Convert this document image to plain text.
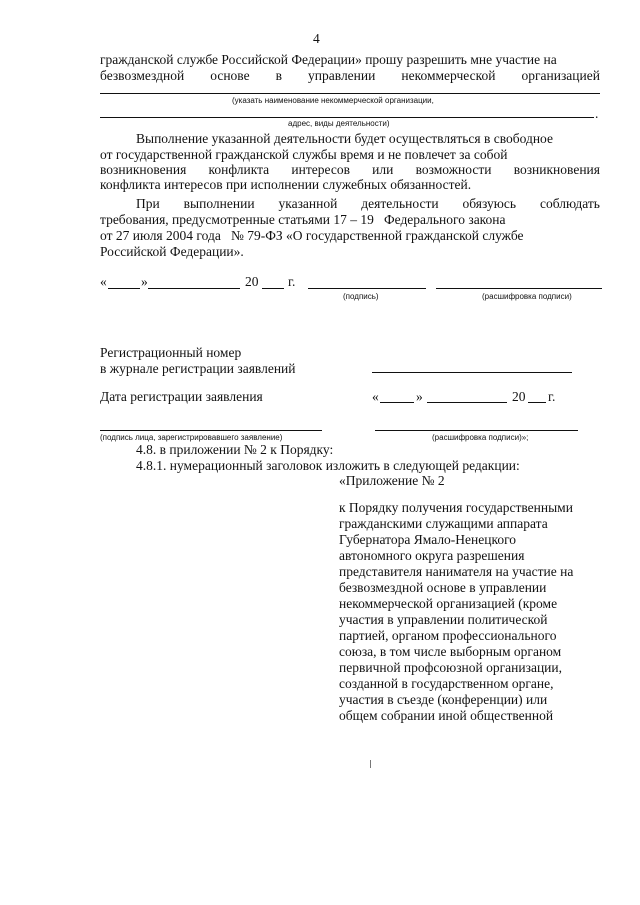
4
гражданской службе Российской Федерации» прошу разрешить мне участие на
безвозмездной основе в управлении некоммерческой организацией
(указать наименование некоммерческой организации,
.
адрес, виды деятельности)
Выполнение указанной деятельности будет осуществляться в свободное
от государственной гражданской службы время и не повлечет за собой
возникновения конфликта интересов или возможности возникновения
конфликта интересов при исполнении служебных обязанностей.
При выполнении указанной деятельности обязуюсь соблюдать
требования, предусмотренные статьями 17 – 19   Федерального закона
от 27 июля 2004 года   № 79-ФЗ «О государственной гражданской службе
Российской Федерации».
«	»	20 г.
(подпись)	(расшифровка подписи)
Регистрационный номер
в журнале регистрации заявлений
Дата регистрации заявления	«	»	20 г.
(подпись лица, зарегистрировавшего заявление)	(расшифровка подписи)»;
4.8. в приложении № 2 к Порядку:
4.8.1. нумерационный заголовок изложить в следующей редакции:
«Приложение № 2
к Порядку получения государственными
гражданскими служащими аппарата
Губернатора Ямало-Ненецкого
автономного округа разрешения
представителя нанимателя на участие на
безвозмездной основе в управлении
некоммерческой организацией (кроме
участия в управлении политической
партией, органом профессионального
союза, в том числе выборным органом
первичной профсоюзной организации,
созданной в государственном органе,
участия в съезде (конференции) или
общем собрании иной общественной
